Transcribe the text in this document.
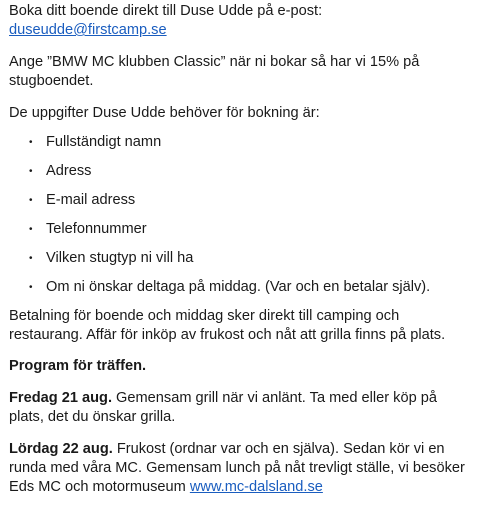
Boka ditt boende direkt till Duse Udde på e-post:
duseudde@firstcamp.se

Ange ”BMW MC klubben Classic” när ni bokar så har vi 15% på stugboendet.

De uppgifter Duse Udde behöver för bokning är:

• Fullständigt namn
• Adress
• E-mail adress
• Telefonnummer
• Vilken stugtyp ni vill ha
• Om ni önskar deltaga på middag. (Var och en betalar själv).

Betalning för boende och middag sker direkt till camping och restaurang. Affär för inköp av frukost och nåt att grilla finns på plats.

Program för träffen.

Fredag 21 aug. Gemensam grill när vi anlänt. Ta med eller köp på plats, det du önskar grilla.

Lördag 22 aug. Frukost (ordnar var och en själva). Sedan kör vi en runda med våra MC. Gemensam lunch på nåt trevligt ställe, vi besöker Eds MC och motormuseum www.mc-dalsland.se
